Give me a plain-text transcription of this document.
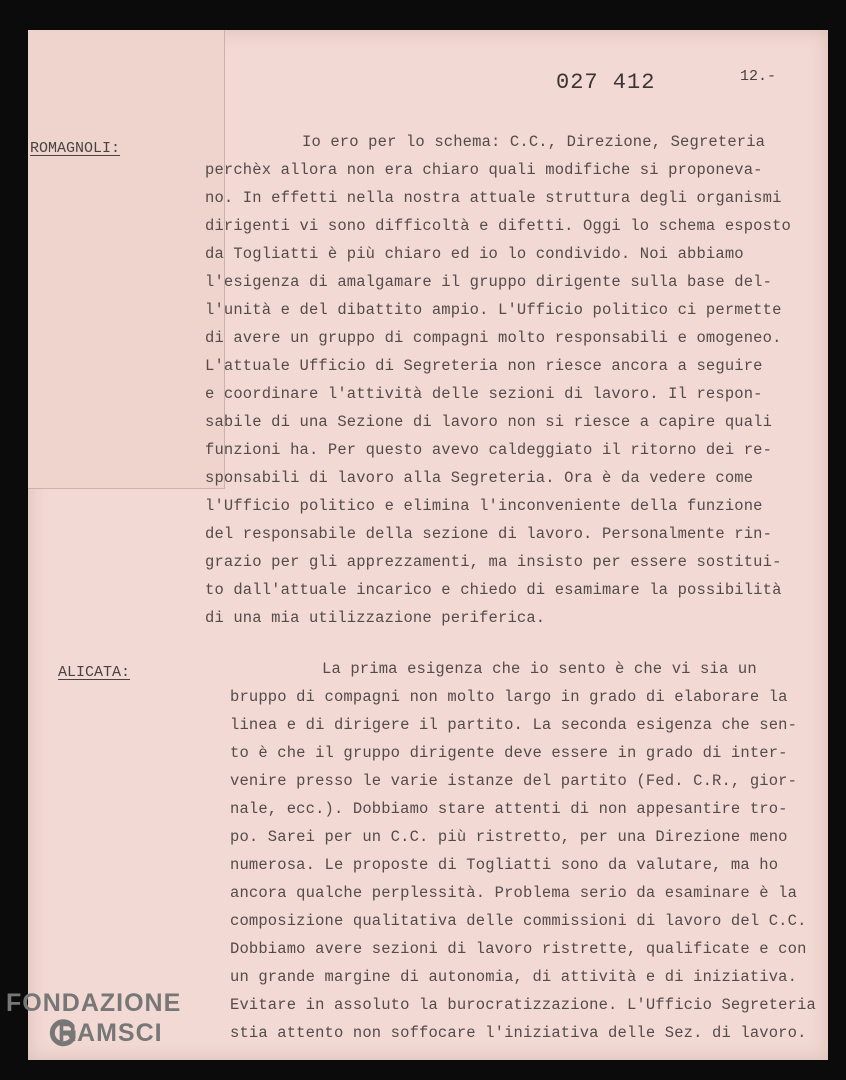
027 412	12.-
ROMAGNOLI:	Io ero per lo schema: C.C., Direzione, Segreteria
perchèx allora non era chiaro quali modifiche si proponeva-
no. In effetti nella nostra attuale struttura degli organismi
dirigenti vi sono difficoltà e difetti. Oggi lo schema esposto
da Togliatti è più chiaro ed io lo condivido. Noi abbiamo
l'esigenza di amalgamare il gruppo dirigente sulla base del-
l'unità e del dibattito ampio. L'Ufficio politico ci permette
di avere un gruppo di compagni molto responsabili e omogeneo.
L'attuale Ufficio di Segreteria non riesce ancora a seguire
e coordinare l'attività delle sezioni di lavoro. Il respon-
sabile di una Sezione di lavoro non si riesce a capire quali
funzioni ha. Per questo avevo caldeggiato il ritorno dei re-
sponsabili di lavoro alla Segreteria. Ora è da vedere come
l'Ufficio politico e elimina l'inconveniente della funzione
del responsabile della sezione di lavoro. Personalmente rin-
grazio per gli apprezzamenti, ma insisto per essere sostitui-
to dall'attuale incarico e chiedo di esamimare la possibilità
di una mia utilizzazione periferica.
ALICATA:	La prima esigenza che io sento è che vi sia un
bruppo di compagni non molto largo in grado di elaborare la
linea e di dirigere il partito. La seconda esigenza che sen-
to è che il gruppo dirigente deve essere in grado di inter-
venire presso le varie istanze del partito (Fed. C.R., gior-
nale, ecc.). Dobbiamo stare attenti di non appesantire tro-
po. Sarei per un C.C. più ristretto, per una Direzione meno
numerosa. Le proposte di Togliatti sono da valutare, ma ho
ancora qualche perplessità. Problema serio da esaminare è la
composizione qualitativa delle commissioni di lavoro del C.C.
Dobbiamo avere sezioni di lavoro ristrette, qualificate e con
un grande margine di autonomia, di attività e di iniziativa.
Evitare in assoluto la burocratizzazione. L'Ufficio Segreteria
stia attento non soffocare l'iniziativa delle Sez. di lavoro.
FONDAZIONE
RAMSCI
